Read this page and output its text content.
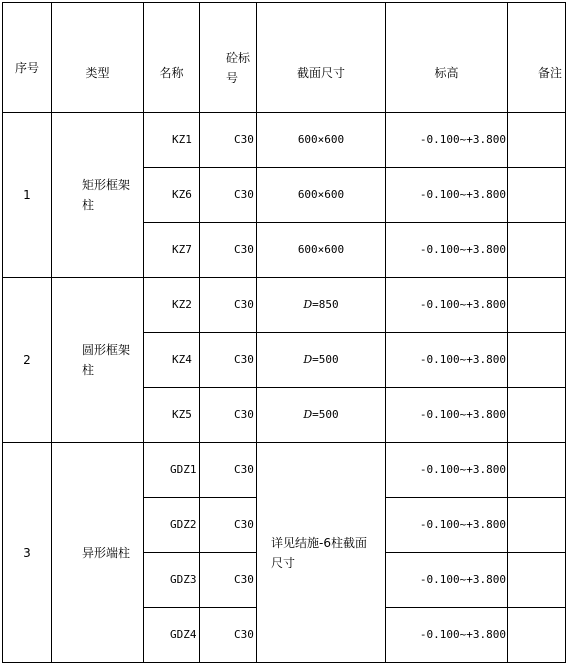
序号	类型	名称	砼标号	截面尺寸	标高	备注
1	矩形框架柱	KZ1	C30	600×600	-0.100~+3.800	
		KZ6	C30	600×600	-0.100~+3.800	
		KZ7	C30	600×600	-0.100~+3.800	
2	圆形框架柱	KZ2	C30	D=850	-0.100~+3.800	
		KZ4	C30	D=500	-0.100~+3.800	
		KZ5	C30	D=500	-0.100~+3.800	
3	异形端柱	GDZ1	C30	详见结施-6柱截面尺寸	-0.100~+3.800	
		GDZ2	C30		-0.100~+3.800	
		GDZ3	C30		-0.100~+3.800	
		GDZ4	C30		-0.100~+3.800	
